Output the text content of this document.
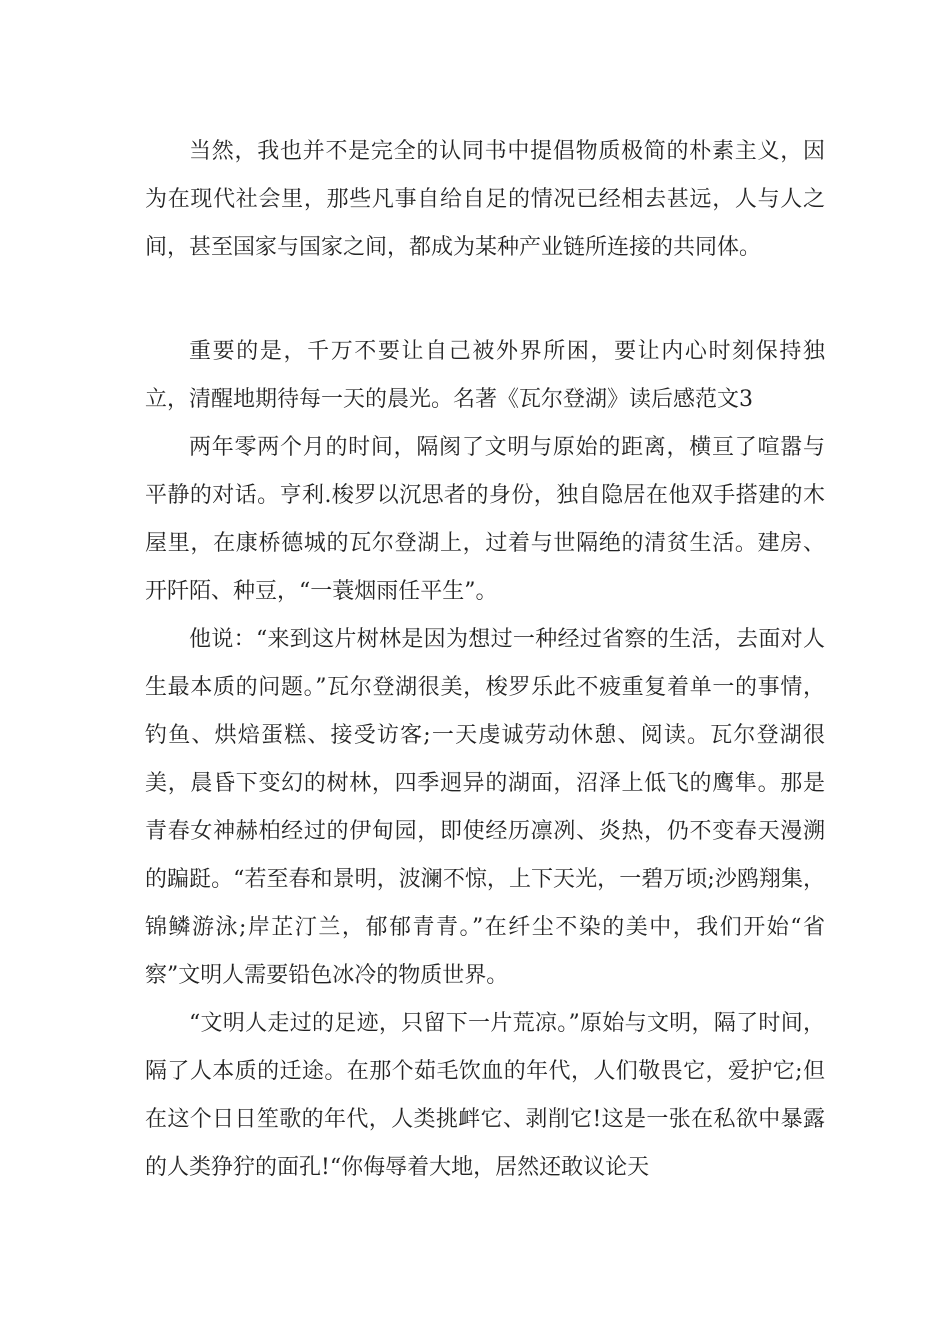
当然，我也并不是完全的认同书中提倡物质极简的朴素主义，因为在现代社会里，那些凡事自给自足的情况已经相去甚远，人与人之间，甚至国家与国家之间，都成为某种产业链所连接的共同体。

重要的是，千万不要让自己被外界所困，要让内心时刻保持独立，清醒地期待每一天的晨光。名著《瓦尔登湖》读后感范文3

两年零两个月的时间，隔阂了文明与原始的距离，横亘了喧嚣与平静的对话。亨利.梭罗以沉思者的身份，独自隐居在他双手搭建的木屋里，在康桥德城的瓦尔登湖上，过着与世隔绝的清贫生活。建房、开阡陌、种豆，“一蓑烟雨任平生”。

他说：“来到这片树林是因为想过一种经过省察的生活，去面对人生最本质的问题。”瓦尔登湖很美，梭罗乐此不疲重复着单一的事情，钓鱼、烘焙蛋糕、接受访客;一天虔诚劳动休憩、阅读。瓦尔登湖很美，晨昏下变幻的树林，四季迥异的湖面，沼泽上低飞的鹰隼。那是青春女神赫柏经过的伊甸园，即使经历凛冽、炎热，仍不变春天漫溯的蹁跹。“若至春和景明，波澜不惊，上下天光，一碧万顷;沙鸥翔集，锦鳞游泳;岸芷汀兰，郁郁青青。”在纤尘不染的美中，我们开始“省察”文明人需要铅色冰冷的物质世界。

“文明人走过的足迹，只留下一片荒凉。”原始与文明，隔了时间，隔了人本质的迁途。在那个茹毛饮血的年代，人们敬畏它，爱护它;但在这个日日笙歌的年代，人类挑衅它、剥削它!这是一张在私欲中暴露的人类狰狞的面孔!“你侮辱着大地，居然还敢议论天
